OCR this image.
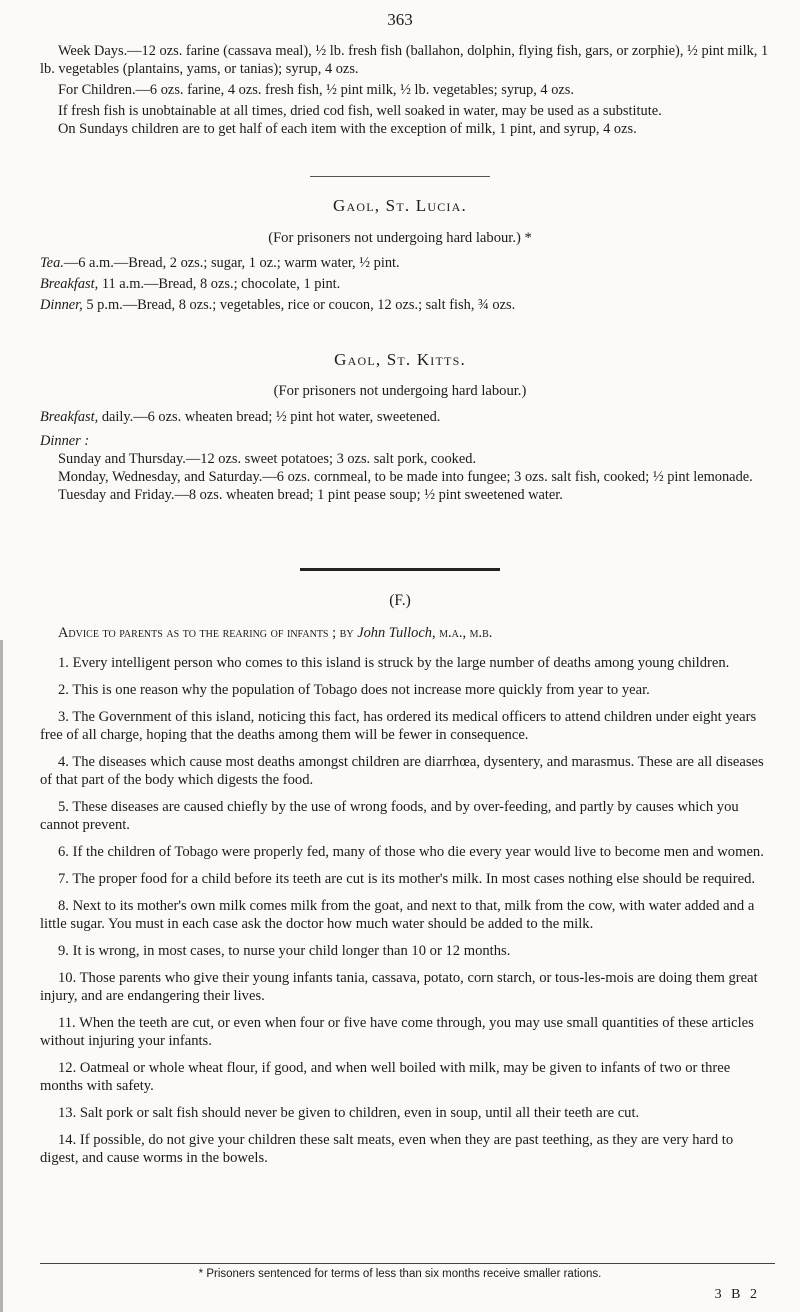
363

Week Days.—12 ozs. farine (cassava meal), ½ lb. fresh fish (ballahon, dolphin, flying fish, gars, or zorphie), ½ pint milk, 1 lb. vegetables (plantains, yams, or tanias); syrup, 4 ozs.

For Children.—6 ozs. farine, 4 ozs. fresh fish, ½ pint milk, ½ lb. vegetables; syrup, 4 ozs.

If fresh fish is unobtainable at all times, dried cod fish, well soaked in water, may be used as a substitute.

On Sundays children are to get half of each item with the exception of milk, 1 pint, and syrup, 4 ozs.

Gaol, St. Lucia.
(For prisoners not undergoing hard labour.) *

Tea.—6 a.m.—Bread, 2 ozs.; sugar, 1 oz.; warm water, ½ pint.

Breakfast, 11 a.m.—Bread, 8 ozs.; chocolate, 1 pint.

Dinner, 5 p.m.—Bread, 8 ozs.; vegetables, rice or coucon, 12 ozs.; salt fish, ¾ ozs.

Gaol, St. Kitts.
(For prisoners not undergoing hard labour.)

Breakfast, daily.—6 ozs. wheaten bread; ½ pint hot water, sweetened.

Dinner :

Sunday and Thursday.—12 ozs. sweet potatoes; 3 ozs. salt pork, cooked.

Monday, Wednesday, and Saturday.—6 ozs. cornmeal, to be made into fungee; 3 ozs. salt fish, cooked; ½ pint lemonade.

Tuesday and Friday.—8 ozs. wheaten bread; 1 pint pease soup; ½ pint sweetened water.

(F.)

Advice to parents as to the rearing of infants ; by John Tulloch, m.a., m.b.

1. Every intelligent person who comes to this island is struck by the large number of deaths among young children.

2. This is one reason why the population of Tobago does not increase more quickly from year to year.

3. The Government of this island, noticing this fact, has ordered its medical officers to attend children under eight years free of all charge, hoping that the deaths among them will be fewer in consequence.

4. The diseases which cause most deaths amongst children are diarrhœa, dysentery, and marasmus. These are all diseases of that part of the body which digests the food.

5. These diseases are caused chiefly by the use of wrong foods, and by over-feeding, and partly by causes which you cannot prevent.

6. If the children of Tobago were properly fed, many of those who die every year would live to become men and women.

7. The proper food for a child before its teeth are cut is its mother's milk. In most cases nothing else should be required.

8. Next to its mother's own milk comes milk from the goat, and next to that, milk from the cow, with water added and a little sugar. You must in each case ask the doctor how much water should be added to the milk.

9. It is wrong, in most cases, to nurse your child longer than 10 or 12 months.

10. Those parents who give their young infants tania, cassava, potato, corn starch, or tous-les-mois are doing them great injury, and are endangering their lives.

11. When the teeth are cut, or even when four or five have come through, you may use small quantities of these articles without injuring your infants.

12. Oatmeal or whole wheat flour, if good, and when well boiled with milk, may be given to infants of two or three months with safety.

13. Salt pork or salt fish should never be given to children, even in soup, until all their teeth are cut.

14. If possible, do not give your children these salt meats, even when they are past teething, as they are very hard to digest, and cause worms in the bowels.

* Prisoners sentenced for terms of less than six months receive smaller rations.
3 B 2
